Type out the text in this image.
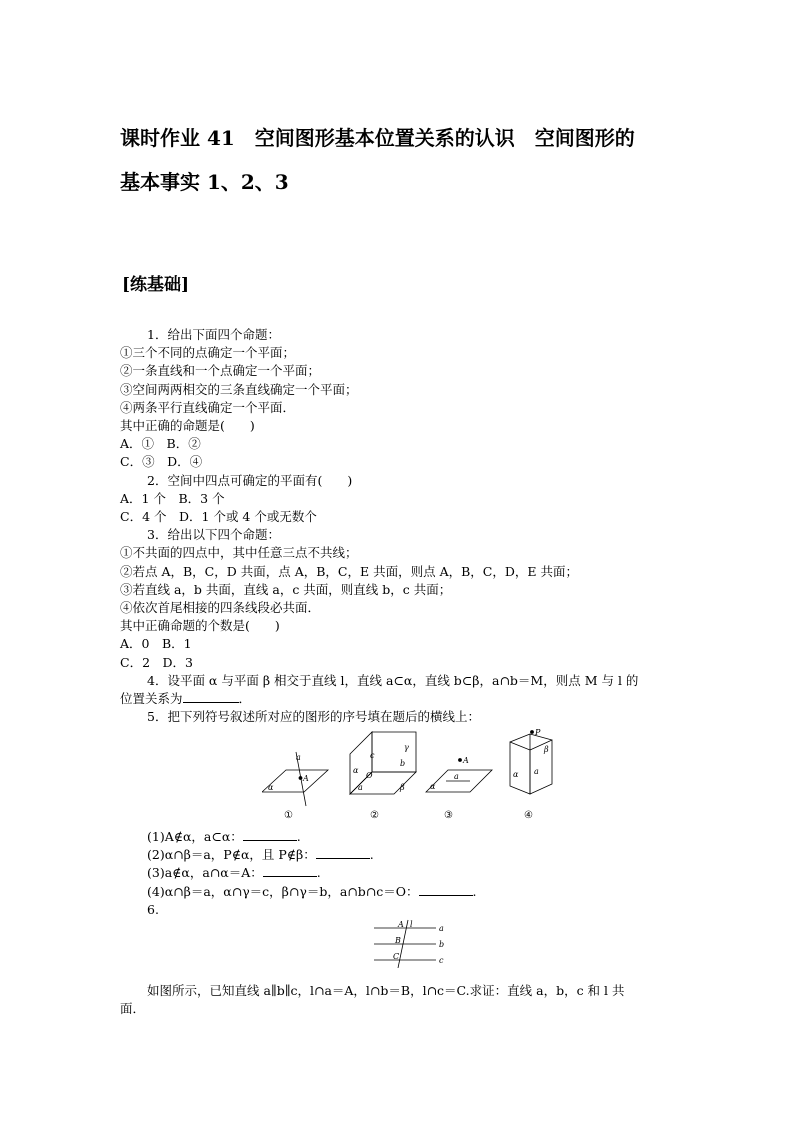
课时作业 41　空间图形基本位置关系的认识　空间图形的
基本事实 1、2、3
[练基础]
1．给出下面四个命题：
①三个不同的点确定一个平面；
②一条直线和一个点确定一个平面；
③空间两两相交的三条直线确定一个平面；
④两条平行直线确定一个平面．
其中正确的命题是(　　)
A．①　B．②
C．③　D．④
2．空间中四点可确定的平面有(　　)
A．1 个　B．3 个
C．4 个　D．1 个或 4 个或无数个
3．给出以下四个命题：
①不共面的四点中，其中任意三点不共线；
②若点 A，B，C，D 共面，点 A，B，C，E 共面，则点 A，B，C，D，E 共面；
③若直线 a，b 共面，直线 a，c 共面，则直线 b，c 共面；
④依次首尾相接的四条线段必共面．
其中正确命题的个数是(　　)
A．0　B．1
C．2　D．3
4．设平面 α 与平面 β 相交于直线 l，直线 a⊂α，直线 b⊂β，a∩b＝M，则点 M 与 l 的
位置关系为	．
5．把下列符号叙述所对应的图形的序号填在题后的横线上：
a
A
α
①
c
γ
b
α
O
a	β
②
A
a
α
③
P
β
α a
④
(1)A∉α，a⊂α：	.
(2)α∩β＝a，P∉α，且 P∉β：	.
(3)a∉α，a∩α＝A：	.
(4)α∩β＝a，α∩γ＝c，β∩γ＝b，a∩b∩c＝O：	.
6.
A l	a
B	b
C	c
如图所示，已知直线 a∥b∥c，l∩a＝A，l∩b＝B，l∩c＝C.求证：直线 a，b，c 和 l 共
面．
